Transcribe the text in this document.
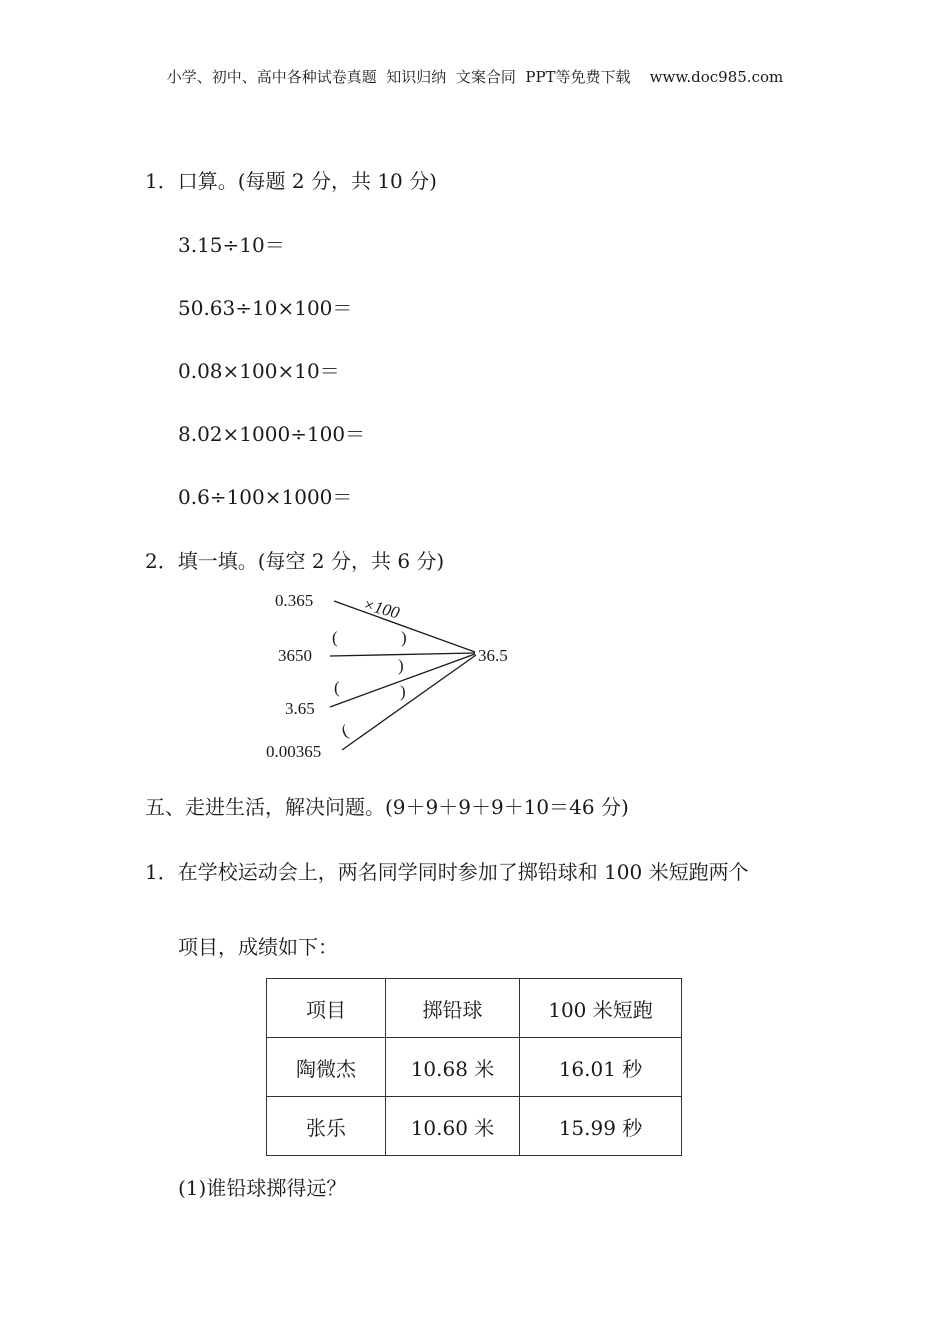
小学、初中、高中各种试卷真题  知识归纳  文案合同  PPT等免费下载 www.doc985.com
1．口算。(每题 2 分，共 10 分)
3.15÷10＝
50.63÷10×100＝
0.08×100×10＝
8.02×1000÷100＝
0.6÷100×1000＝
2．填一填。(每空 2 分，共 6 分)
0.365
3650
3.65
0.00365
36.5
×100
(	)
)
(	)
(
五、走进生活，解决问题。(9＋9＋9＋9＋10＝46 分)
1．在学校运动会上，两名同学同时参加了掷铅球和 100 米短跑两个
项目，成绩如下：
项目	掷铅球	100 米短跑
陶微杰	10.68 米	16.01 秒
张乐	10.60 米	15.99 秒
(1)谁铅球掷得远？
